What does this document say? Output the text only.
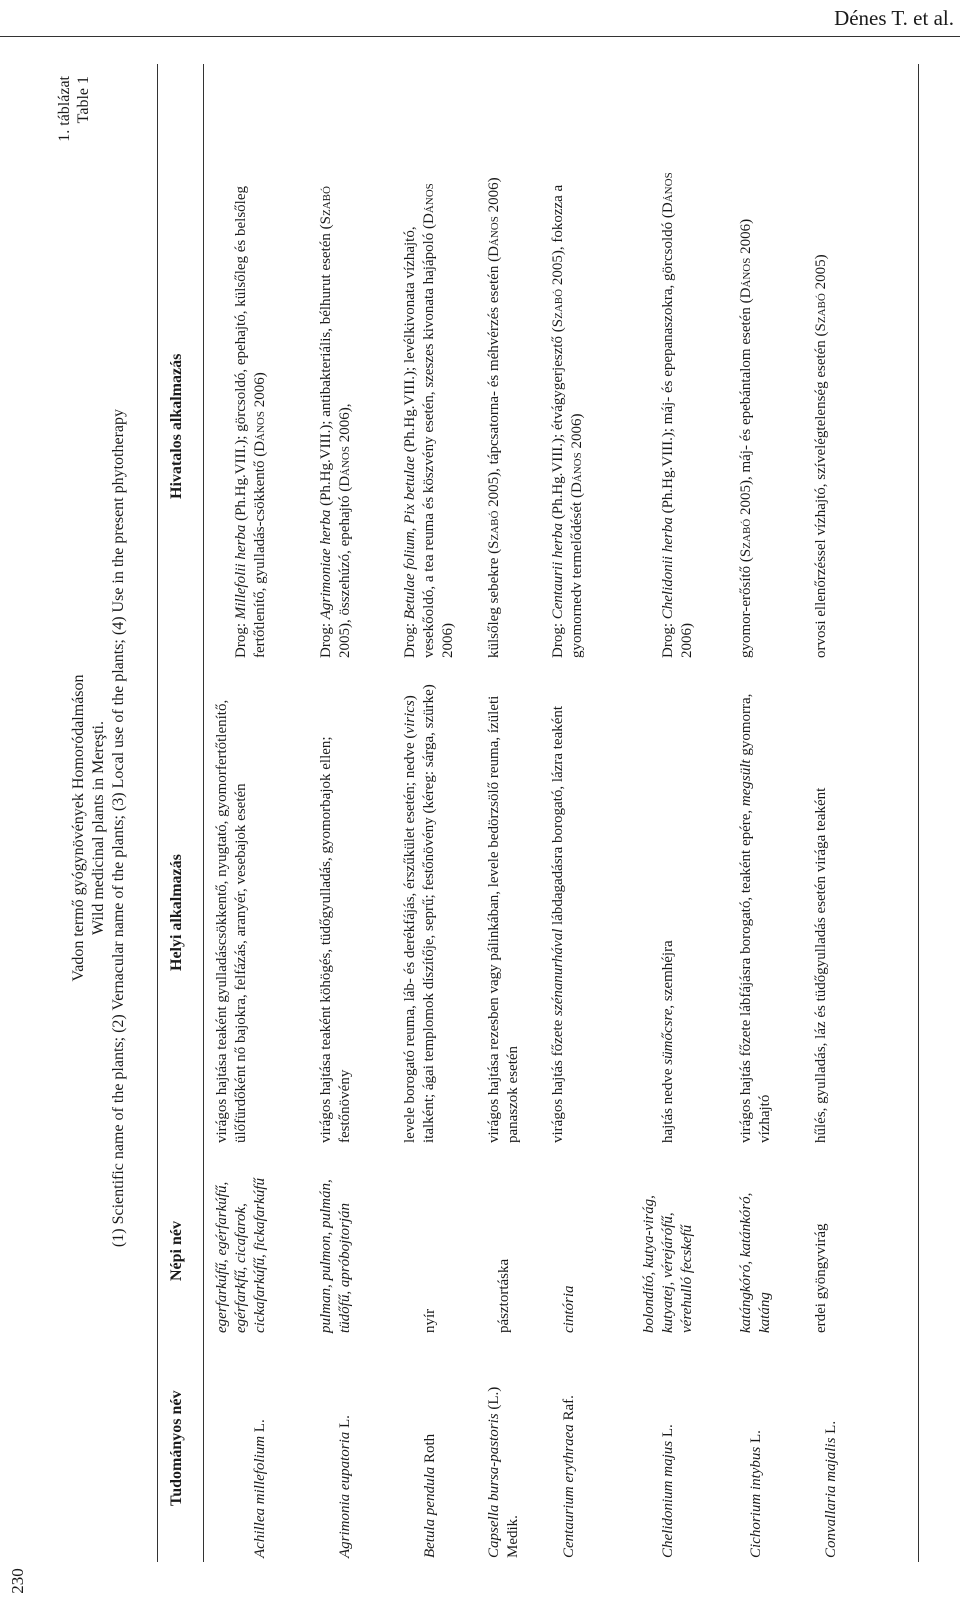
Dénes T. et al.
230
1. táblázat Table 1
Vadon termő gyógynövények Homoródalmáson Wild medicinal plants in Mereşti. (1) Scientific name of the plants; (2) Vernacular name of the plants; (3) Local use of the plants; (4) Use in the present phytotherapy
Tudományos név
Népi név
Helyi alkalmazás
Hivatalos alkalmazás
Achillea millefolium L.
egerfarkúfű, egérfarkúfű, egérfarkfű, cicafarok, cickafarkúfű, fickafarkúfű
virágos hajtása teaként gyulladáscsökkentő, nyugtató, gyomorfertőtlenítő, ülőfürdőként nő bajokra, felfázás, aranyér, vesebajok esetén
Drog: Millefolii herba (Ph.Hg.VIII.); görcsoldó, epehajtó, külsőleg és belsőleg fertőtlenítő, gyulladás-csökkentő (Dános 2006)
Agrimonia eupatoria L.
pulman, pulmon, pulmán, tüdőfű, apróbojtorján
virágos hajtása teaként köhögés, tüdőgyulladás, gyomorbajok ellen; festőnövény
Drog: Agrimoniae herba (Ph.Hg.VIII.); antibakteriális, bélhurut esetén (Szabó 2005), összehúzó, epehajtó (Dános 2006),
Betula pendula Roth
nyír
levele borogató reuma, láb- és derékfájás, érszűkület esetén; nedve (virics) italként; ágai templomok díszítője, seprű; festőnövény (kéreg: sárga, szürke)
Drog: Betulae folium, Pix betulae (Ph.Hg.VIII.); levélkivonata vízhajtó, vesekőoldó, a tea reuma és köszvény esetén, szeszes kivonata hajápoló (Dános 2006)
Capsella bursa-pastoris (L.) Medik.
pásztortáska
virágos hajtása rezesben vagy pálinkában, levele bedörzsölő reuma, ízületi panaszok esetén
külsőleg sebekre (Szabó 2005), tápcsatorna- és méhvérzés esetén (Dános 2006)
Centaurium erythraea Raf.
cintória
virágos hajtás főzete szénanurhával lábdagadásra borogató, lázra teaként
Drog: Centaurii herba (Ph.Hg.VIII.); étvágygerjesztő (Szabó 2005), fokozza a gyomornedv termelődését (Dános 2006)
Chelidonium majus L.
bolondító, kutya-virág, kutyatej, vérejárófű, vérehulló fecskefű
hajtás nedve sümőcsre, szemhéjra
Drog: Chelidonii herba (Ph.Hg.VIII.); máj- és epepanaszokra, görcsoldó (Dános 2006)
Cichorium intybus L.
katángkóró, katánkóró, katáng
virágos hajtás főzete lábfájásra borogató, teaként epére, megsült gyomorra, vízhajtó
gyomor-erősítő (Szabó 2005), máj- és epebántalom esetén (Dános 2006)
Convallaria majalis L.
erdei gyöngyvirág
hűlés, gyulladás, láz és tüdőgyulladás esetén virága teaként
orvosi ellenőrzéssel vízhajtó, szívelégtelenség esetén (Szabó 2005)
